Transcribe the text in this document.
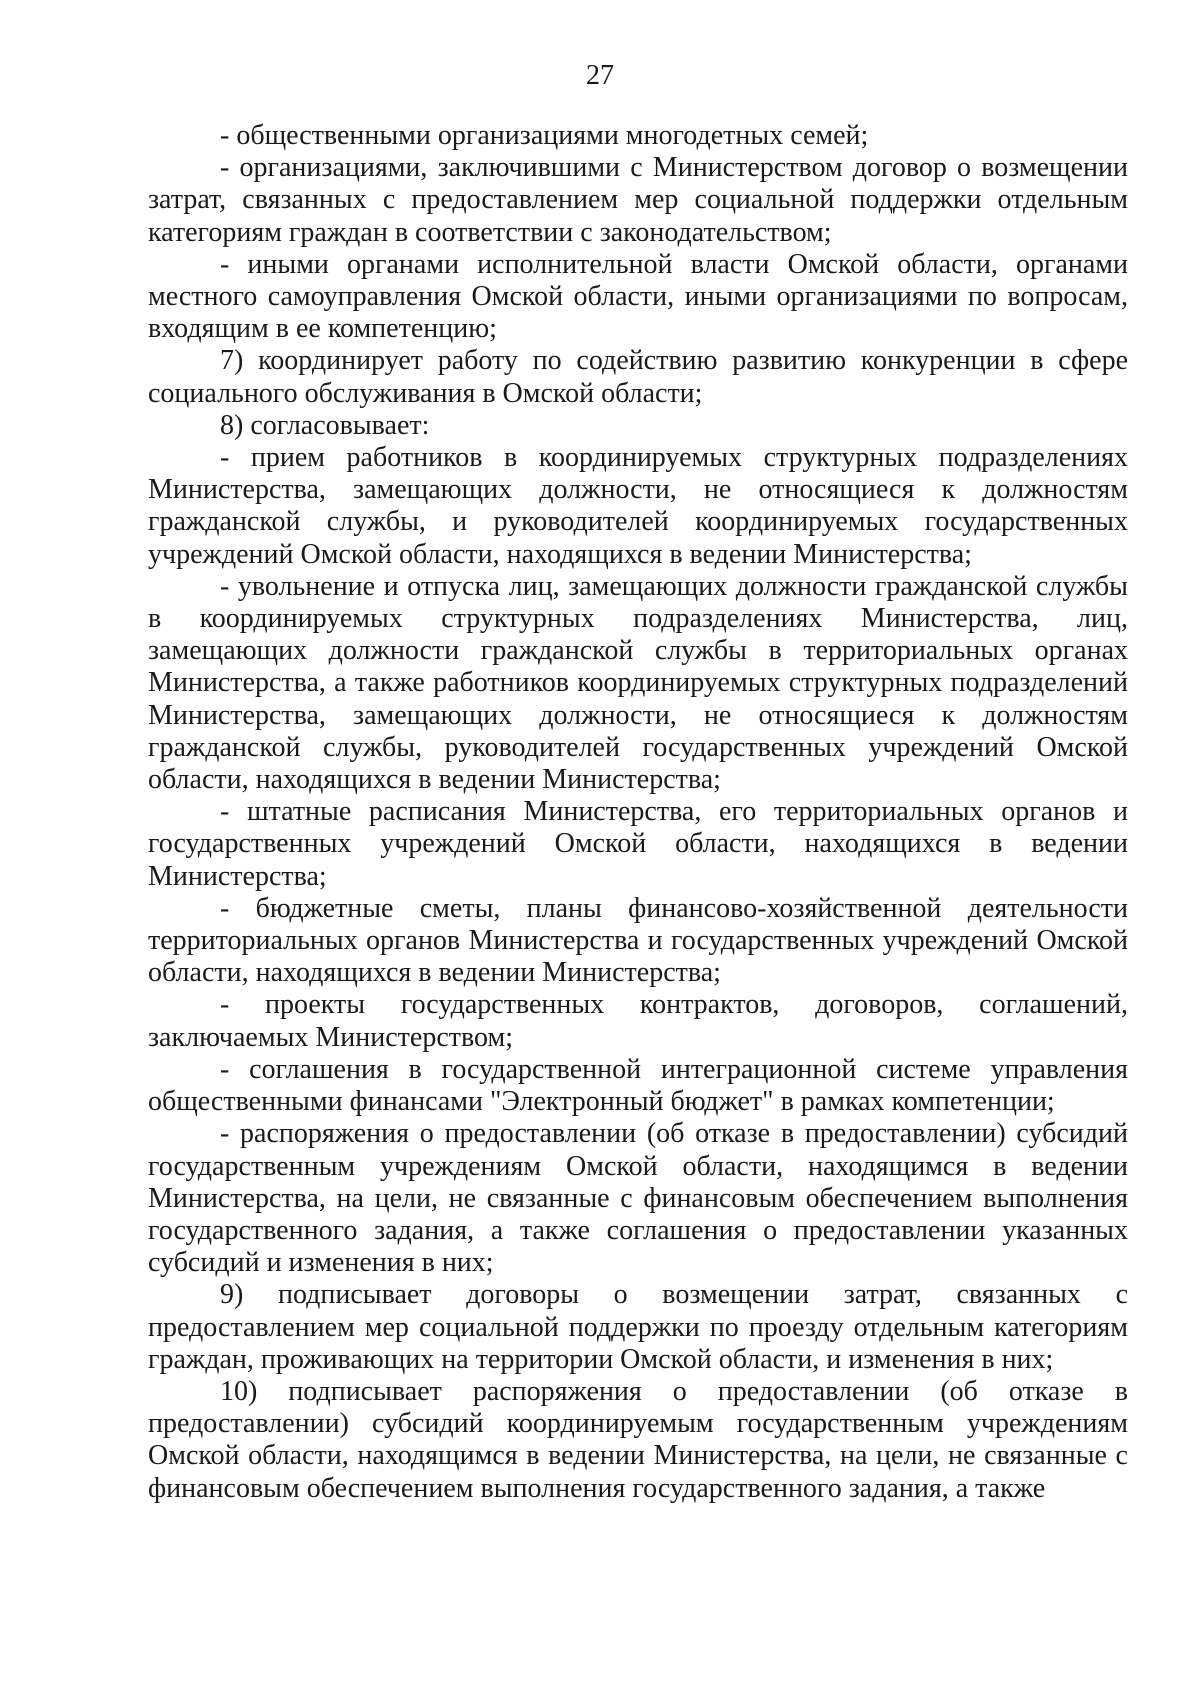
27

- общественными организациями многодетных семей;

- организациями, заключившими с Министерством договор о возмещении затрат, связанных с предоставлением мер социальной поддержки отдельным категориям граждан в соответствии с законодательством;

- иными органами исполнительной власти Омской области, органами местного самоуправления Омской области, иными организациями по вопросам, входящим в ее компетенцию;

7) координирует работу по содействию развитию конкуренции в сфере социального обслуживания в Омской области;

8) согласовывает:

- прием работников в координируемых структурных подразделениях Министерства, замещающих должности, не относящиеся к должностям гражданской службы, и руководителей координируемых государственных учреждений Омской области, находящихся в ведении Министерства;

- увольнение и отпуска лиц, замещающих должности гражданской службы в координируемых структурных подразделениях Министерства, лиц, замещающих должности гражданской службы в территориальных органах Министерства, а также работников координируемых структурных подразделений Министерства, замещающих должности, не относящиеся к должностям гражданской службы, руководителей государственных учреждений Омской области, находящихся в ведении Министерства;

- штатные расписания Министерства, его территориальных органов и государственных учреждений Омской области, находящихся в ведении Министерства;

- бюджетные сметы, планы финансово-хозяйственной деятельности территориальных органов Министерства и государственных учреждений Омской области, находящихся в ведении Министерства;

- проекты государственных контрактов, договоров, соглашений, заключаемых Министерством;

- соглашения в государственной интеграционной системе управления общественными финансами "Электронный бюджет" в рамках компетенции;

- распоряжения о предоставлении (об отказе в предоставлении) субсидий государственным учреждениям Омской области, находящимся в ведении Министерства, на цели, не связанные с финансовым обеспечением выполнения государственного задания, а также соглашения о предоставлении указанных субсидий и изменения в них;

9) подписывает договоры о возмещении затрат, связанных с предоставлением мер социальной поддержки по проезду отдельным категориям граждан, проживающих на территории Омской области, и изменения в них;

10) подписывает распоряжения о предоставлении (об отказе в предоставлении) субсидий координируемым государственным учреждениям Омской области, находящимся в ведении Министерства, на цели, не связанные с финансовым обеспечением выполнения государственного задания, а также
